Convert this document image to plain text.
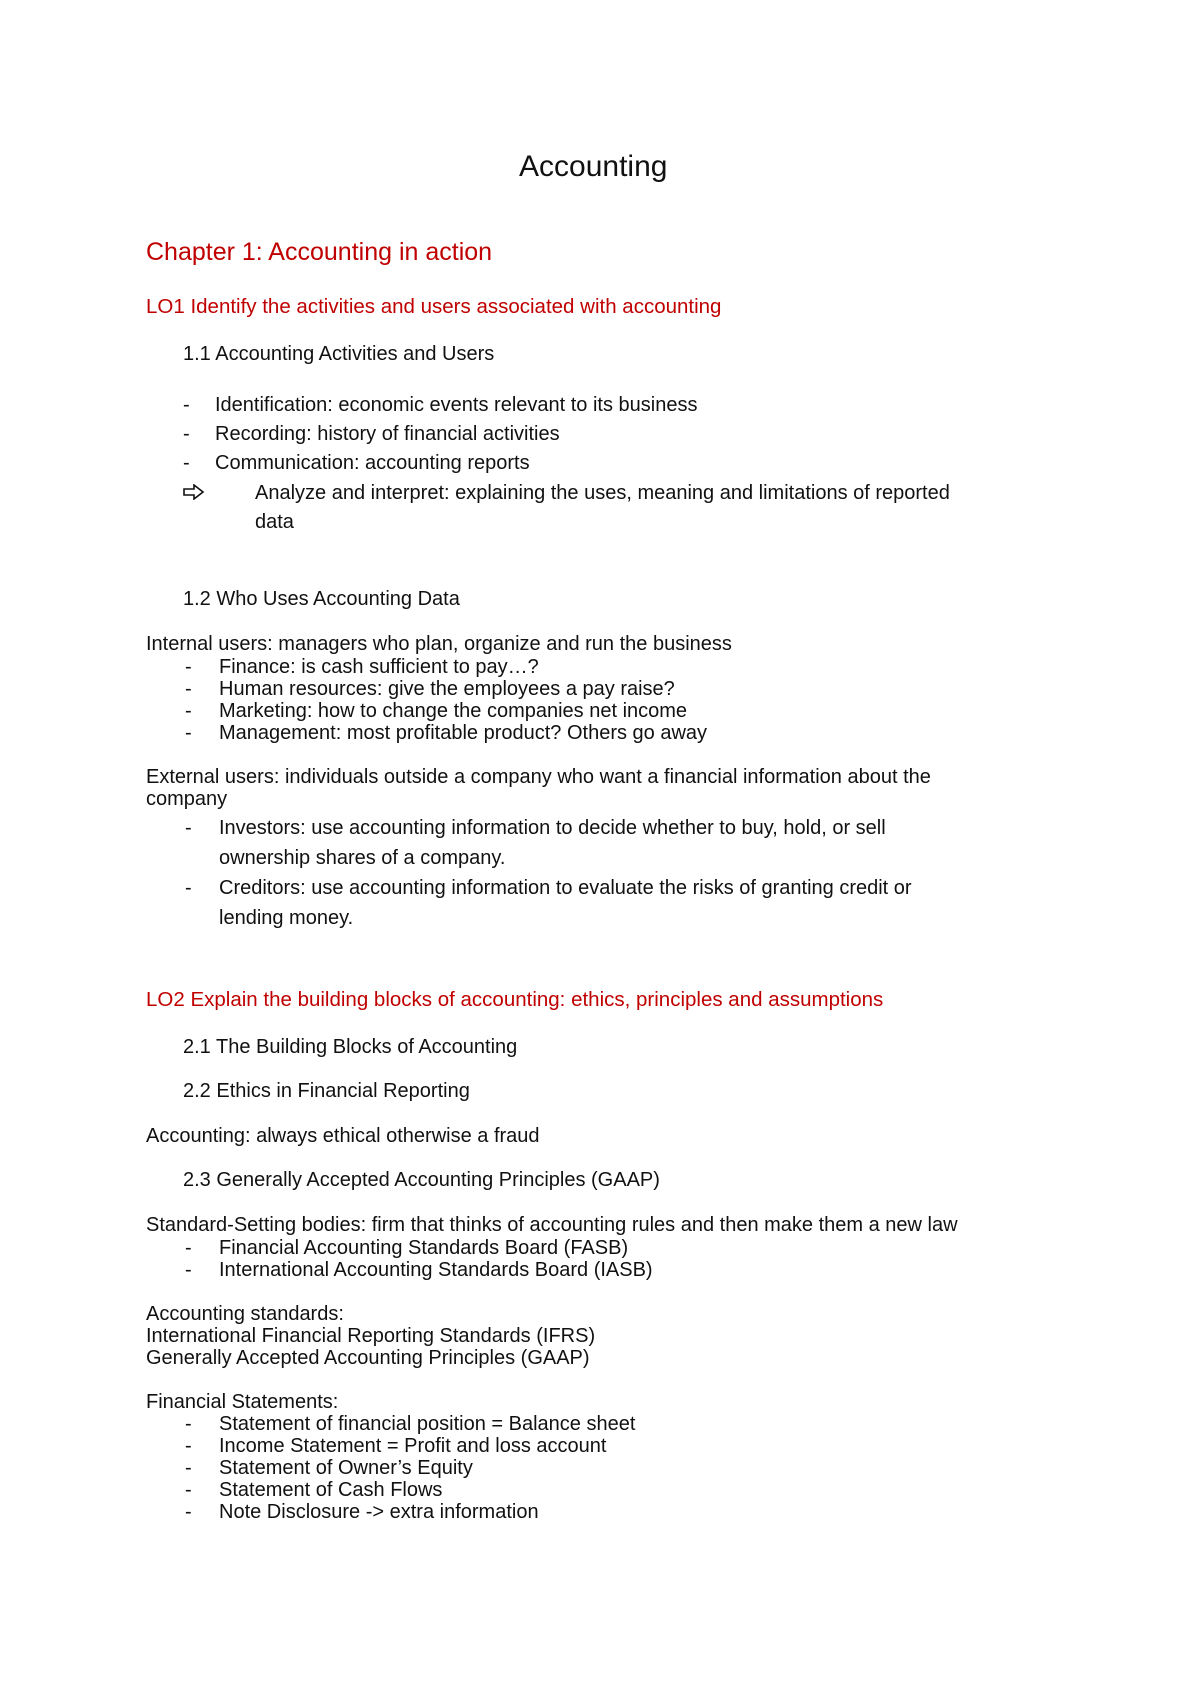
Accounting
Chapter 1: Accounting in action
LO1 Identify the activities and users associated with accounting
1.1 Accounting Activities and Users
- Identification: economic events relevant to its business
- Recording: history of financial activities
- Communication: accounting reports
Analyze and interpret: explaining the uses, meaning and limitations of reported
data
1.2 Who Uses Accounting Data
Internal users: managers who plan, organize and run the business
- Finance: is cash sufficient to pay…?
- Human resources: give the employees a pay raise?
- Marketing: how to change the companies net income
- Management: most profitable product? Others go away
External users: individuals outside a company who want a financial information about the
company
- Investors: use accounting information to decide whether to buy, hold, or sell
ownership shares of a company.
- Creditors: use accounting information to evaluate the risks of granting credit or
lending money.
LO2 Explain the building blocks of accounting: ethics, principles and assumptions
2.1 The Building Blocks of Accounting
2.2 Ethics in Financial Reporting
Accounting: always ethical otherwise a fraud
2.3 Generally Accepted Accounting Principles (GAAP)
Standard-Setting bodies: firm that thinks of accounting rules and then make them a new law
- Financial Accounting Standards Board (FASB)
- International Accounting Standards Board (IASB)
Accounting standards:
International Financial Reporting Standards (IFRS)
Generally Accepted Accounting Principles (GAAP)
Financial Statements:
- Statement of financial position = Balance sheet
- Income Statement = Profit and loss account
- Statement of Owner’s Equity
- Statement of Cash Flows
- Note Disclosure -> extra information
